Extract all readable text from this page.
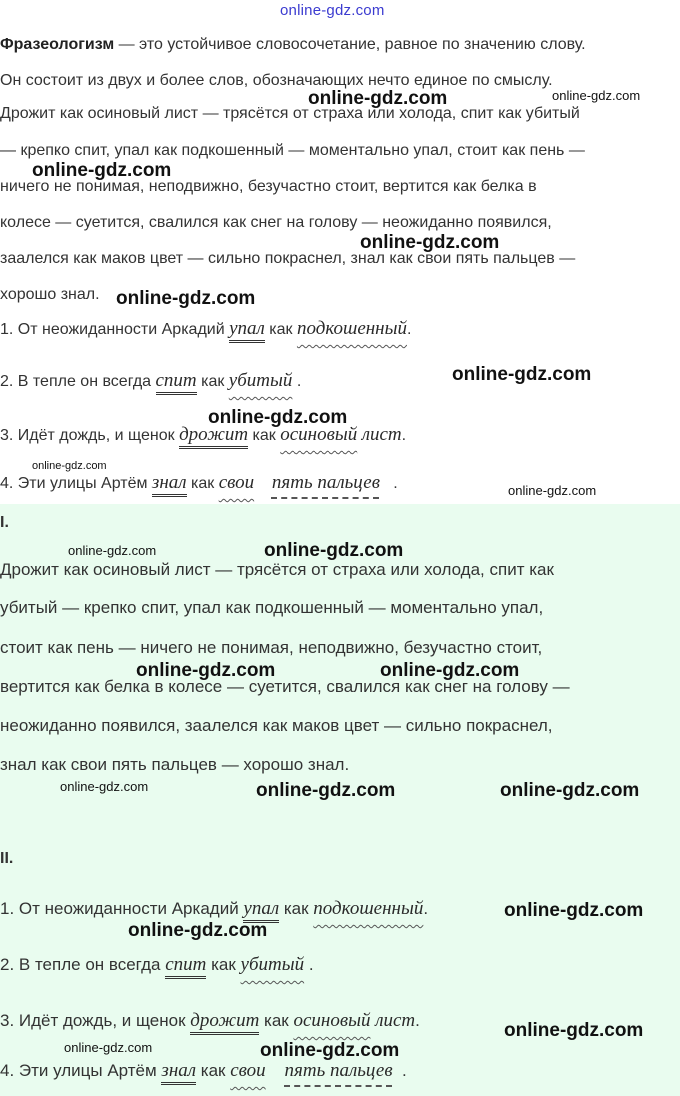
online-gdz.com
Фразеологизм — это устойчивое словосочетание, равное по значению слову.
Он состоит из двух и более слов, обозначающих нечто единое по смыслу.
Дрожит как осиновый лист — трясётся от страха или холода, спит как убитый
— крепко спит, упал как подкошенный — моментально упал, стоит как пень —
ничего не понимая, неподвижно, безучастно стоит, вертится как белка в
колесе — суетится, свалился как снег на голову — неожиданно появился,
заалелся как маков цвет — сильно покраснел, знал как свои пять пальцев —
хорошо знал.
1. От неожиданности Аркадий упал как подкошенный.
2. В тепле он всегда спит как убитый .
3. Идёт дождь, и щенок дрожит как осиновый лист.
4. Эти улицы Артём знал как свои пять пальцев .
I.
Дрожит как осиновый лист — трясётся от страха или холода, спит как
убитый — крепко спит, упал как подкошенный — моментально упал,
стоит как пень — ничего не понимая, неподвижно, безучастно стоит,
вертится как белка в колесе — суетится, свалился как снег на голову —
неожиданно появился, заалелся как маков цвет — сильно покраснел,
знал как свои пять пальцев — хорошо знал.
II.
1. От неожиданности Аркадий упал как подкошенный.
2. В тепле он всегда спит как убитый .
3. Идёт дождь, и щенок дрожит как осиновый лист.
4. Эти улицы Артём знал как свои пять пальцев .
online-gdz.com	online-gdz.com
online-gdz.com
online-gdz.com
online-gdz.com
online-gdz.com
online-gdz.com
online-gdz.com
online-gdz.com
online-gdz.com	online-gdz.com
online-gdz.com	online-gdz.com
online-gdz.com	online-gdz.com	online-gdz.com
online-gdz.com
online-gdz.com
online-gdz.com
online-gdz.com	online-gdz.com
